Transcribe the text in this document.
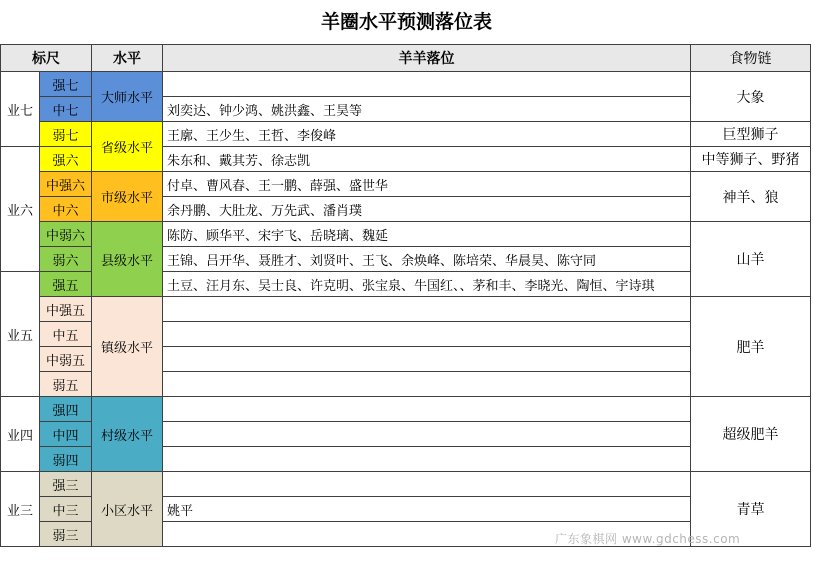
羊圈水平预测落位表
标尺		水平	羊羊落位	食物链
业七	强七	大师水平		大象
	中七		刘奕达、钟少鸿、姚洪鑫、王昊等	
	弱七	省级水平	王廓、王少生、王哲、李俊峰	巨型狮子
业六	强六		朱东和、戴其芳、徐志凯	中等狮子、野猪
	中强六	市级水平	付卓、曹风春、王一鹏、薛强、盛世华	神羊、狼
	中六		余丹鹏、大肚龙、万先武、潘肖璞	
	中弱六	县级水平	陈防、顾华平、宋宇飞、岳晓璃、魏延	山羊
	弱六		王锦、吕开华、聂胜才、刘贤叶、王飞、余焕峰、陈培荣、华晨昊、陈守同	
业五	强五		土豆、汪月东、吴士良、许克明、张宝泉、牛国红、、茅和丰、李晓光、陶恒、宇诗琪	
	中强五	镇级水平		肥羊
	中五			
	中弱五			
	弱五			
业四	强四	村级水平		超级肥羊
	中四			
	弱四			
业三	强三	小区水平		青草
	中三		姚平	
	弱三				广东象棋网 www.gdchess.com
